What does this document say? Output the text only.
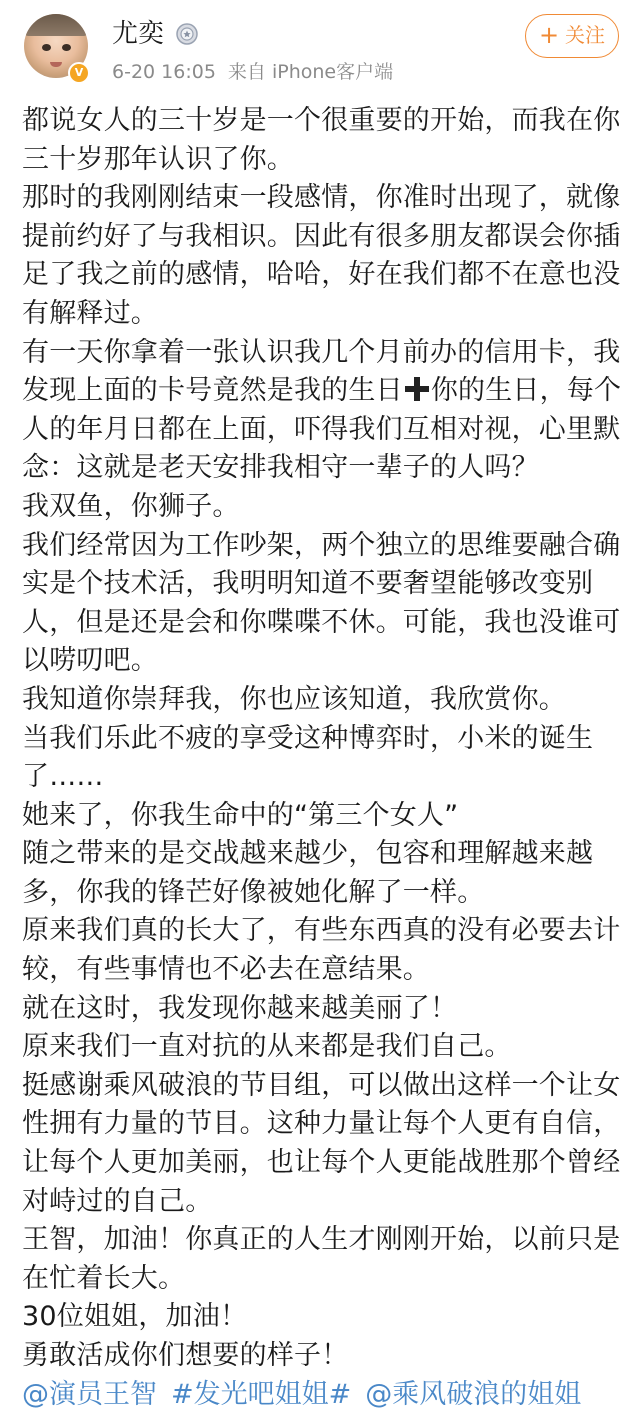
V
尤奕
6-20 16:05 来自 iPhone客户端
+ 关注
都说女人的三十岁是一个很重要的开始，而我在你
三十岁那年认识了你。
那时的我刚刚结束一段感情，你准时出现了，就像
提前约好了与我相识。因此有很多朋友都误会你插
足了我之前的感情，哈哈，好在我们都不在意也没
有解释过。
有一天你拿着一张认识我几个月前办的信用卡，我
发现上面的卡号竟然是我的生日 你的生日，每个
人的年月日都在上面，吓得我们互相对视，心里默
念：这就是老天安排我相守一辈子的人吗？
我双鱼，你狮子。
我们经常因为工作吵架，两个独立的思维要融合确
实是个技术活，我明明知道不要奢望能够改变别
人，但是还是会和你喋喋不休。可能，我也没谁可
以唠叨吧。
我知道你崇拜我，你也应该知道，我欣赏你。
当我们乐此不疲的享受这种博弈时，小米的诞生
了……
她来了，你我生命中的“第三个女人”
随之带来的是交战越来越少，包容和理解越来越
多，你我的锋芒好像被她化解了一样。
原来我们真的长大了，有些东西真的没有必要去计
较，有些事情也不必去在意结果。
就在这时，我发现你越来越美丽了！
原来我们一直对抗的从来都是我们自己。
挺感谢乘风破浪的节目组，可以做出这样一个让女
性拥有力量的节目。这种力量让每个人更有自信，
让每个人更加美丽，也让每个人更能战胜那个曾经
对峙过的自己。
王智，加油！你真正的人生才刚刚开始，以前只是
在忙着长大。
30位姐姐，加油！
勇敢活成你们想要的样子！
@演员王智 #发光吧姐姐# @乘风破浪的姐姐
